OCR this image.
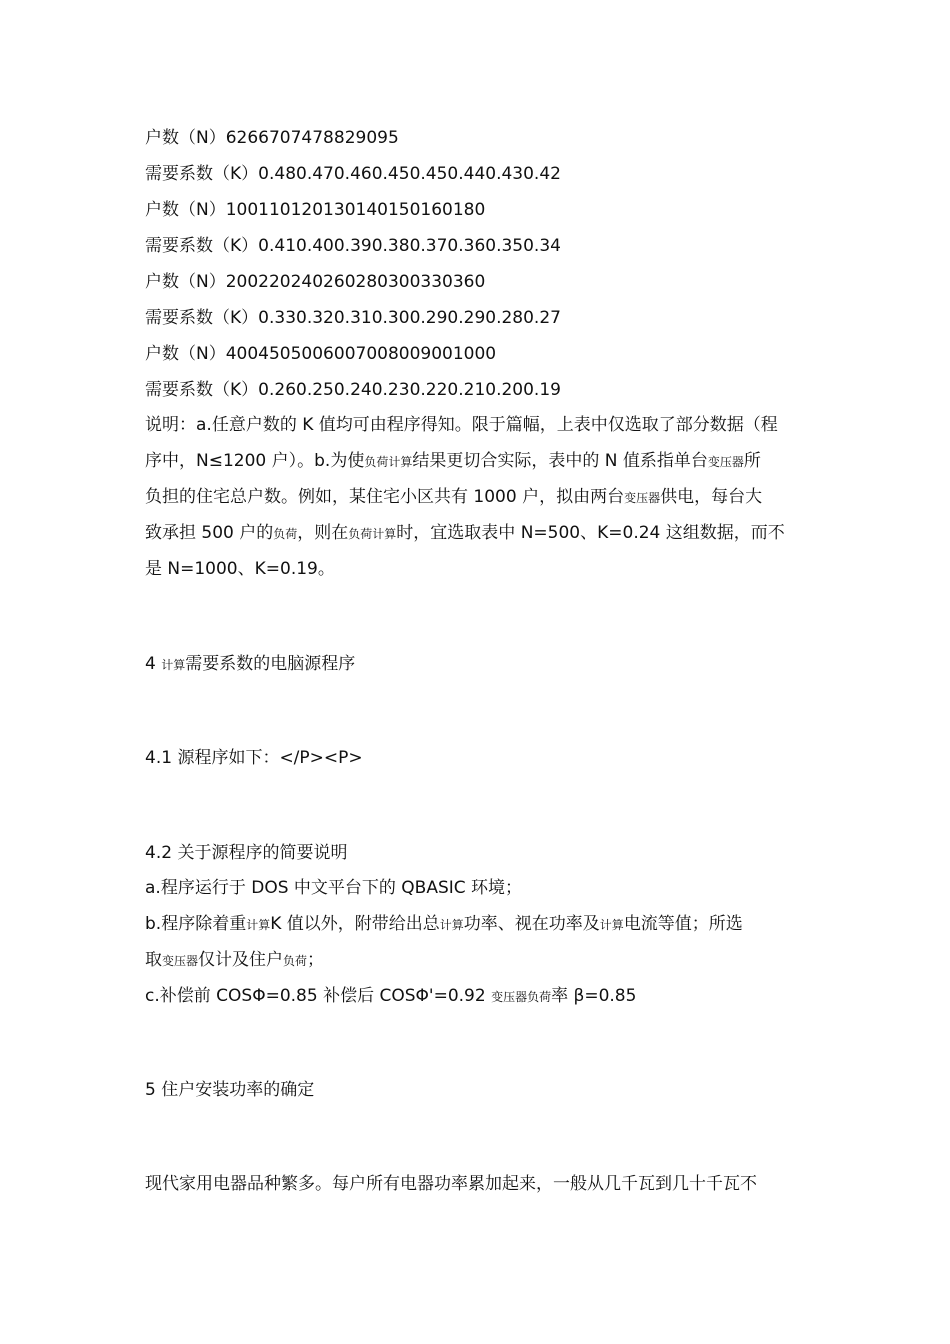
户数（N）6266707478829095
需要系数（K）0.480.470.460.450.450.440.430.42
户数（N）100110120130140150160180
需要系数（K）0.410.400.390.380.370.360.350.34
户数（N）200220240260280300330360
需要系数（K）0.330.320.310.300.290.290.280.27
户数（N）4004505006007008009001000
需要系数（K）0.260.250.240.230.220.210.200.19
说明：a.任意户数的 K 值均可由程序得知。限于篇幅，上表中仅选取了部分数据（程
序中，N≤1200 户）。b.为使负荷计算结果更切合实际，表中的 N 值系指单台变压器所
负担的住宅总户数。例如，某住宅小区共有 1000 户，拟由两台变压器供电，每台大
致承担 500 户的负荷，则在负荷计算时，宜选取表中 N=500、K=0.24 这组数据，而不
是 N=1000、K=0.19。
4 计算需要系数的电脑源程序
4.1 源程序如下：</P><P>
4.2 关于源程序的简要说明
a.程序运行于 DOS 中文平台下的 QBASIC 环境；
b.程序除着重计算K 值以外，附带给出总计算功率、视在功率及计算电流等值；所选
取变压器仅计及住户负荷；
c.补偿前 COSΦ=0.85 补偿后 COSΦ'=0.92 变压器负荷率 β=0.85
5 住户安装功率的确定
现代家用电器品种繁多。每户所有电器功率累加起来，一般从几千瓦到几十千瓦不
